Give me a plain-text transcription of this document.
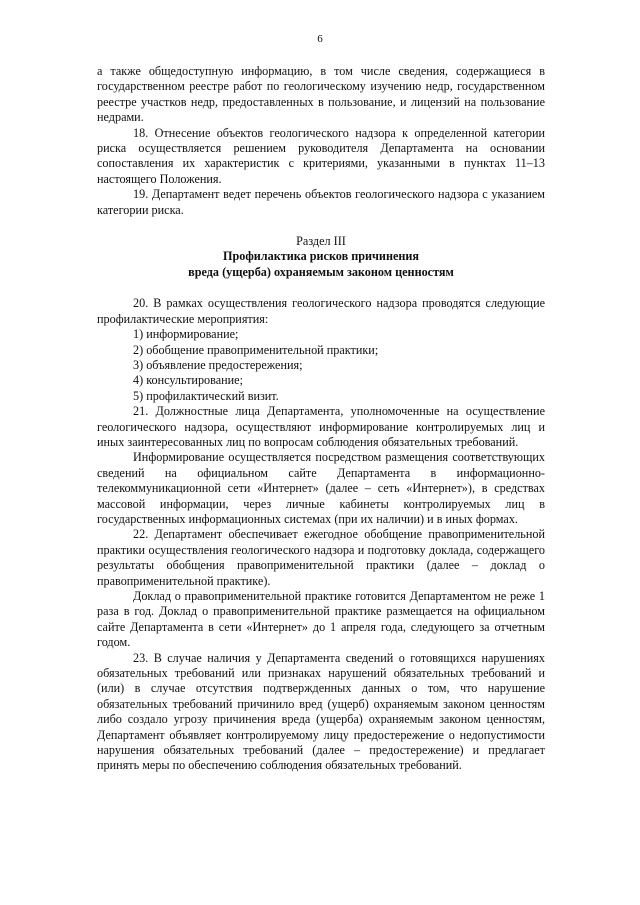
6

а также общедоступную информацию, в том числе сведения, содержащиеся в государственном реестре работ по геологическому изучению недр, государственном реестре участков недр, предоставленных в пользование, и лицензий на пользование недрами.

18. Отнесение объектов геологического надзора к определенной категории риска осуществляется решением руководителя Департамента на основании сопоставления их характеристик с критериями, указанными в пунктах 11–13 настоящего Положения.

19. Департамент ведет перечень объектов геологического надзора с указанием категории риска.

Раздел III
Профилактика рисков причинения
вреда (ущерба) охраняемым законом ценностям

20. В рамках осуществления геологического надзора проводятся следующие профилактические мероприятия:

1) информирование;

2) обобщение правоприменительной практики;

3) объявление предостережения;

4) консультирование;

5) профилактический визит.

21. Должностные лица Департамента, уполномоченные на осуществление геологического надзора, осуществляют информирование контролируемых лиц и иных заинтересованных лиц по вопросам соблюдения обязательных требований.

Информирование осуществляется посредством размещения соответствующих сведений на официальном сайте Департамента в информационно-телекоммуникационной сети «Интернет» (далее – сеть «Интернет»), в средствах массовой информации, через личные кабинеты контролируемых лиц в государственных информационных системах (при их наличии) и в иных формах.

22. Департамент обеспечивает ежегодное обобщение правоприменительной практики осуществления геологического надзора и подготовку доклада, содержащего результаты обобщения правоприменительной практики (далее – доклад о правоприменительной практике).

Доклад о правоприменительной практике готовится Департаментом не реже 1 раза в год. Доклад о правоприменительной практике размещается на официальном сайте Департамента в сети «Интернет» до 1 апреля года, следующего за отчетным годом.

23. В случае наличия у Департамента сведений о готовящихся нарушениях обязательных требований или признаках нарушений обязательных требований и (или) в случае отсутствия подтвержденных данных о том, что нарушение обязательных требований причинило вред (ущерб) охраняемым законом ценностям либо создало угрозу причинения вреда (ущерба) охраняемым законом ценностям, Департамент объявляет контролируемому лицу предостережение о недопустимости нарушения обязательных требований (далее – предостережение) и предлагает принять меры по обеспечению соблюдения обязательных требований.
